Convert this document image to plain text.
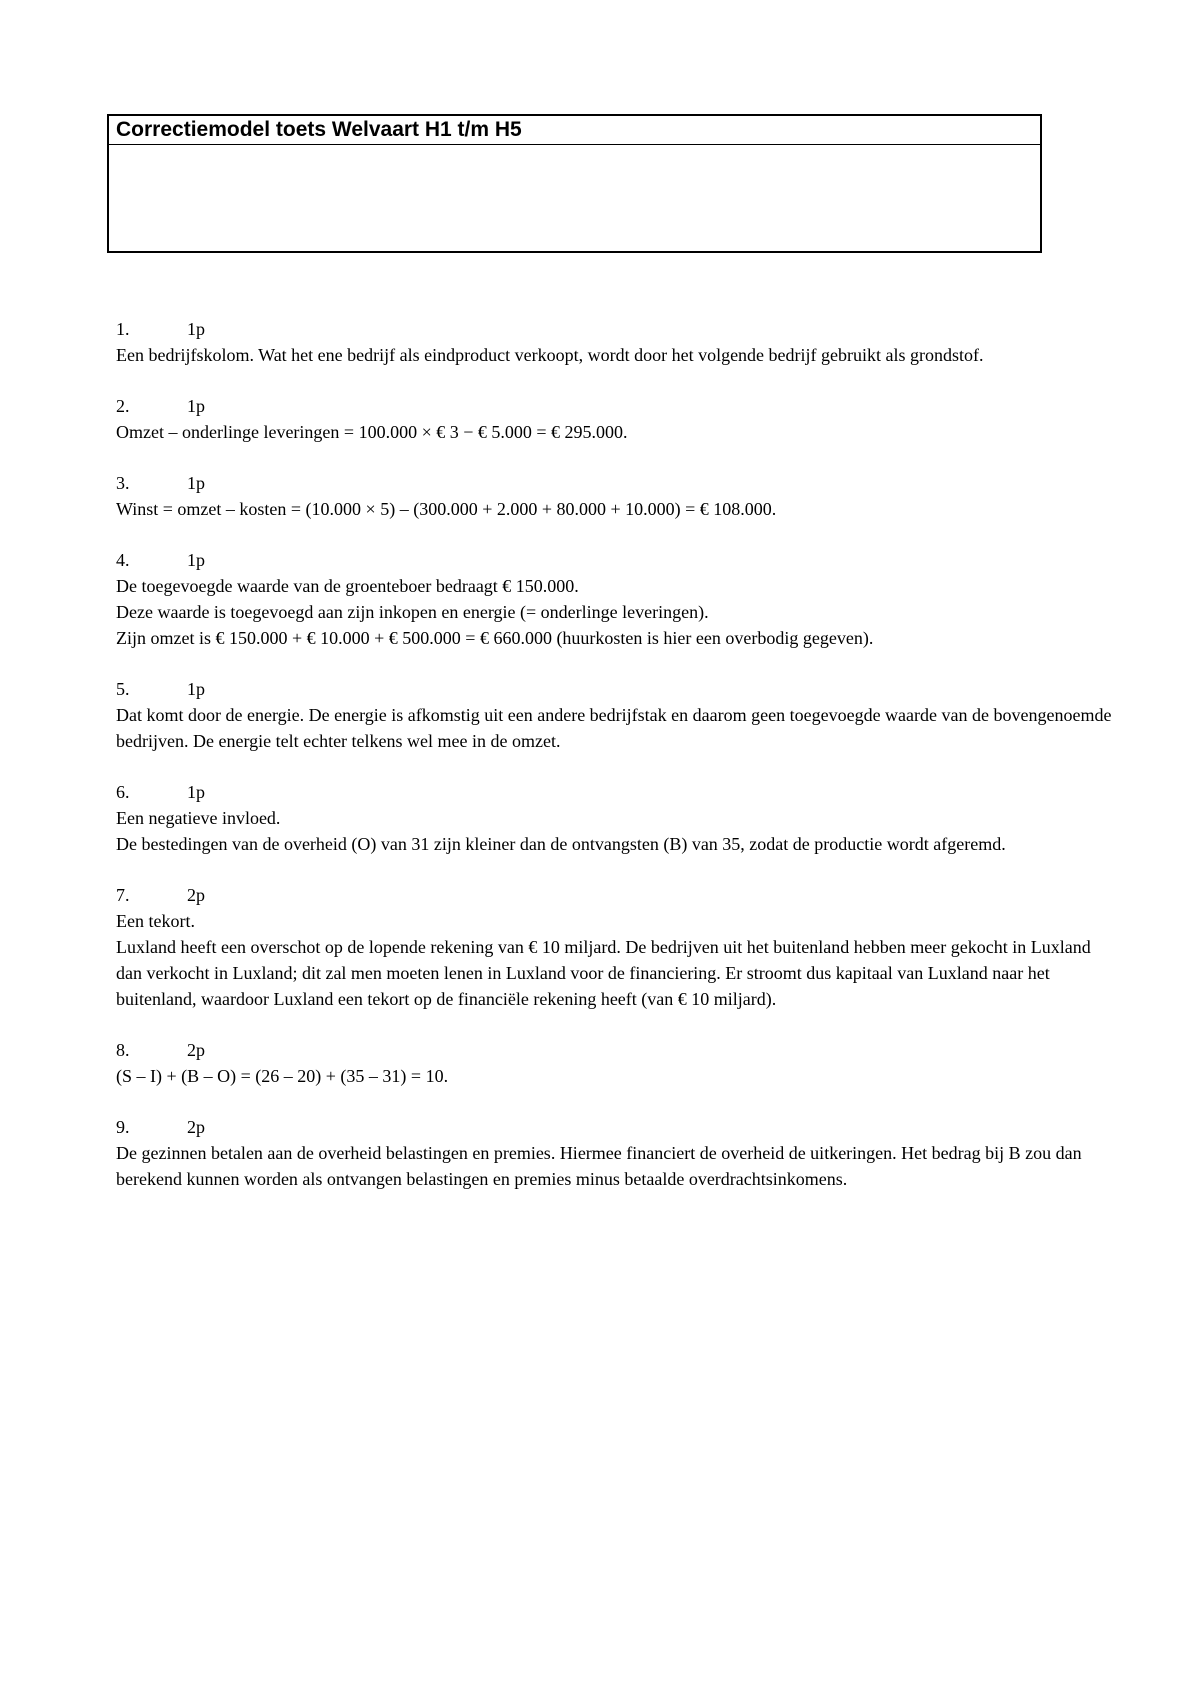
Correctiemodel toets Welvaart H1 t/m H5
1.	1p

Een bedrijfskolom. Wat het ene bedrijf als eindproduct verkoopt, wordt door het volgende bedrijf gebruikt als grondstof.

2.	1p

Omzet – onderlinge leveringen = 100.000 × € 3 − € 5.000 = € 295.000.

3.	1p

Winst = omzet – kosten = (10.000 × 5) – (300.000 + 2.000 + 80.000 + 10.000) = € 108.000.

4.	1p

De toegevoegde waarde van de groenteboer bedraagt € 150.000.

Deze waarde is toegevoegd aan zijn inkopen en energie (= onderlinge leveringen).

Zijn omzet is € 150.000 + € 10.000 + € 500.000 = € 660.000 (huurkosten is hier een overbodig gegeven).

5.	1p

Dat komt door de energie. De energie is afkomstig uit een andere bedrijfstak en daarom geen toegevoegde waarde van de bovengenoemde bedrijven. De energie telt echter telkens wel mee in de omzet.

6.	1p

Een negatieve invloed.

De bestedingen van de overheid (O) van 31 zijn kleiner dan de ontvangsten (B) van 35, zodat de productie wordt afgeremd.

7.	2p

Een tekort.

Luxland heeft een overschot op de lopende rekening van € 10 miljard. De bedrijven uit het buitenland hebben meer gekocht in Luxland dan verkocht in Luxland; dit zal men moeten lenen in Luxland voor de financiering. Er stroomt dus kapitaal van Luxland naar het buitenland, waardoor Luxland een tekort op de financiële rekening heeft (van € 10 miljard).

8.	2p

(S – I) + (B – O) = (26 – 20) + (35 – 31) = 10.

9.	2p

De gezinnen betalen aan de overheid belastingen en premies. Hiermee financiert de overheid de uitkeringen. Het bedrag bij B zou dan berekend kunnen worden als ontvangen belastingen en premies minus betaalde overdrachtsinkomens.
